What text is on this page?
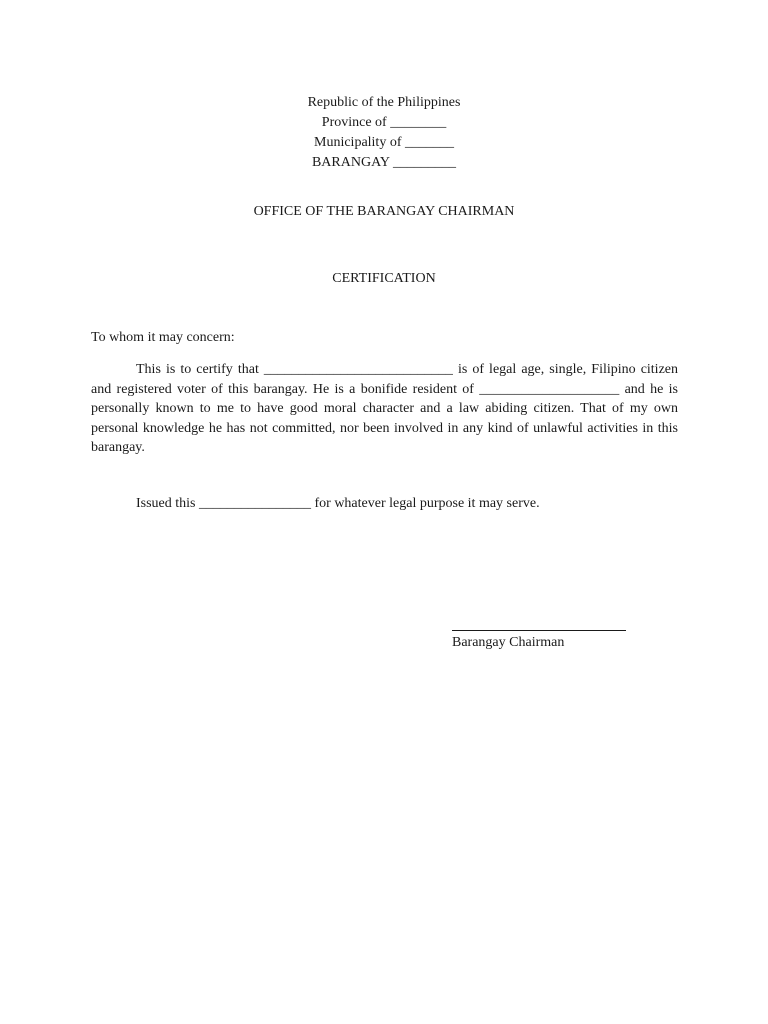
Republic of the Philippines
Province of ________
Municipality of _______
BARANGAY _________
OFFICE OF THE BARANGAY CHAIRMAN
CERTIFICATION
To whom it may concern:
This is to certify that ___________________________ is of legal age, single, Filipino citizen and registered voter of this barangay. He is a bonifide resident of ____________________ and he is personally known to me to have good moral character and a law abiding citizen. That of my own personal knowledge he has not committed, nor been involved in any kind of unlawful activities in this barangay.
Issued this ________________ for whatever legal purpose it may serve.
Barangay Chairman
